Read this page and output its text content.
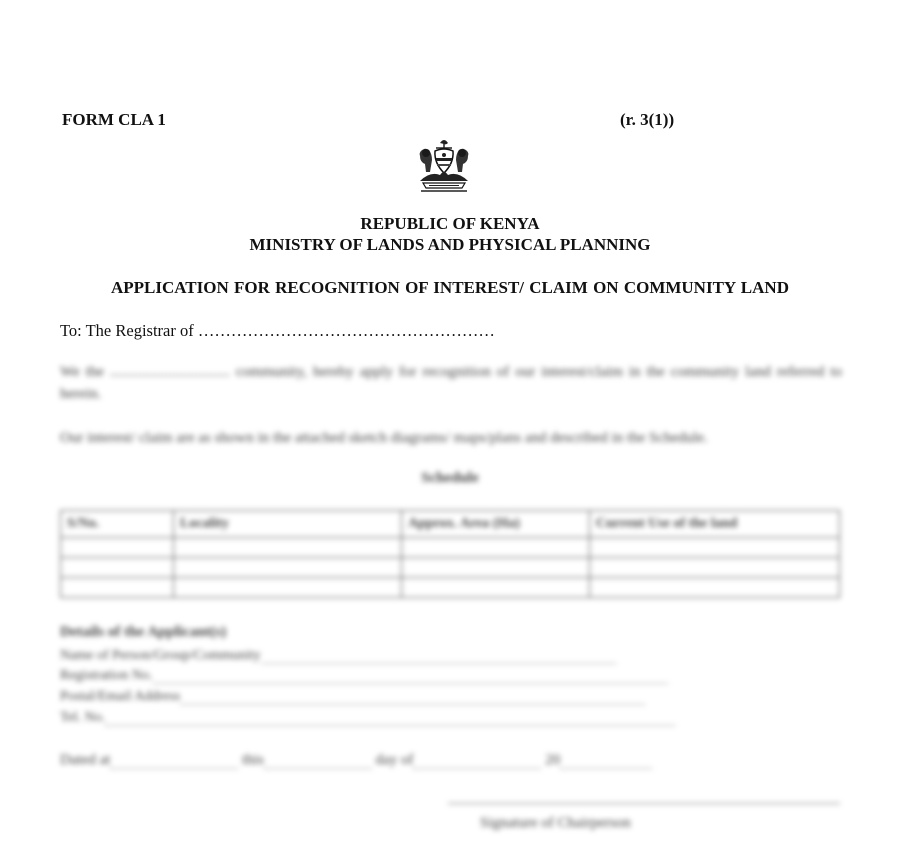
FORM CLA 1	(r. 3(1))
REPUBLIC OF KENYA
MINISTRY OF LANDS AND PHYSICAL PLANNING
APPLICATION FOR RECOGNITION OF INTEREST/ CLAIM ON COMMUNITY LAND
To: The Registrar of ………………………………………………
We the ................................ community, hereby apply for recognition of our interest/claim in the community land referred to herein.
Our interest/ claim are as shown in the attached sketch diagrams/ maps/plans and described in the Schedule.
Schedule
S/No.	Locality	Approx. Area (Ha)	Current Use of the land

Details of the Applicant(s)
Name of Person/Group/Community
Registration No.
Postal/Email Address
Tel. No.
Dated at	this	day of	20
Signature of Chairperson
